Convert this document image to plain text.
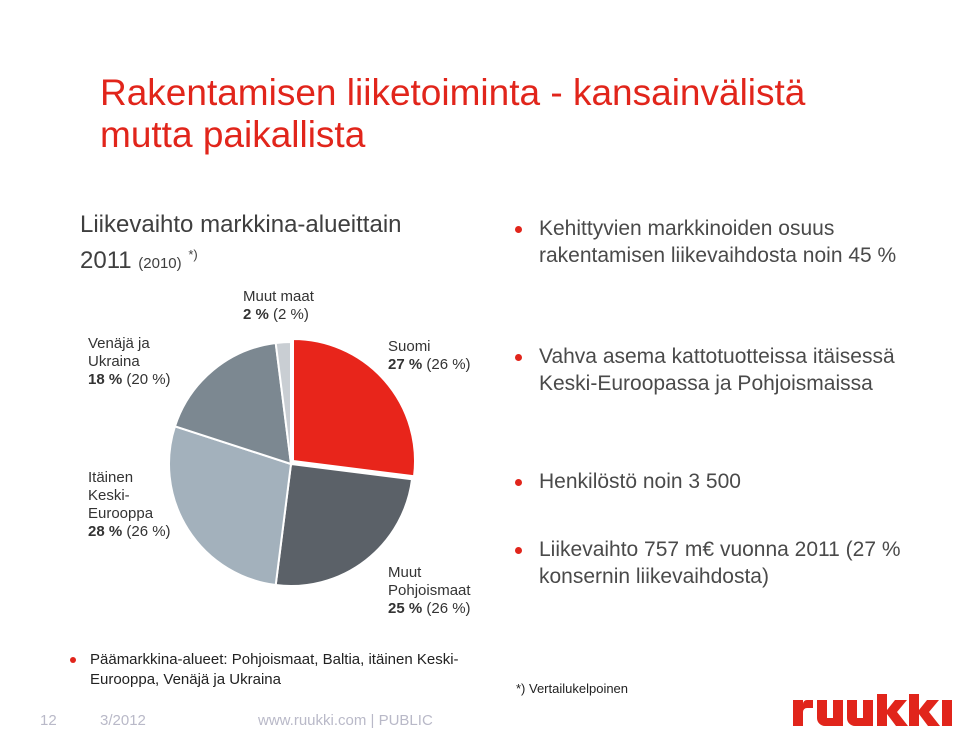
Rakentamisen liiketoiminta - kansainvälistä mutta paikallista
Liikevaihto markkina-alueittain
2011 (2010) *)
Muut maat
2 % (2 %)
Suomi
27 % (26 %)
Venäjä ja
Ukraina
18 % (20 %)
Itäinen
Keski-
Eurooppa
28 % (26 %)
Muut
Pohjoismaat
25 % (26 %)
Kehittyvien markkinoiden osuus rakentamisen liikevaihdosta noin 45 %
Vahva asema kattotuotteissa itäisessä Keski-Euroopassa ja Pohjoismaissa
Henkilöstö noin 3 500
Liikevaihto 757 m€ vuonna 2011 (27 % konsernin liikevaihdosta)
Päämarkkina-alueet: Pohjoismaat, Baltia, itäinen Keski-Eurooppa, Venäjä ja Ukraina
*) Vertailukelpoinen
12	3/2012	www.ruukki.com | PUBLIC
